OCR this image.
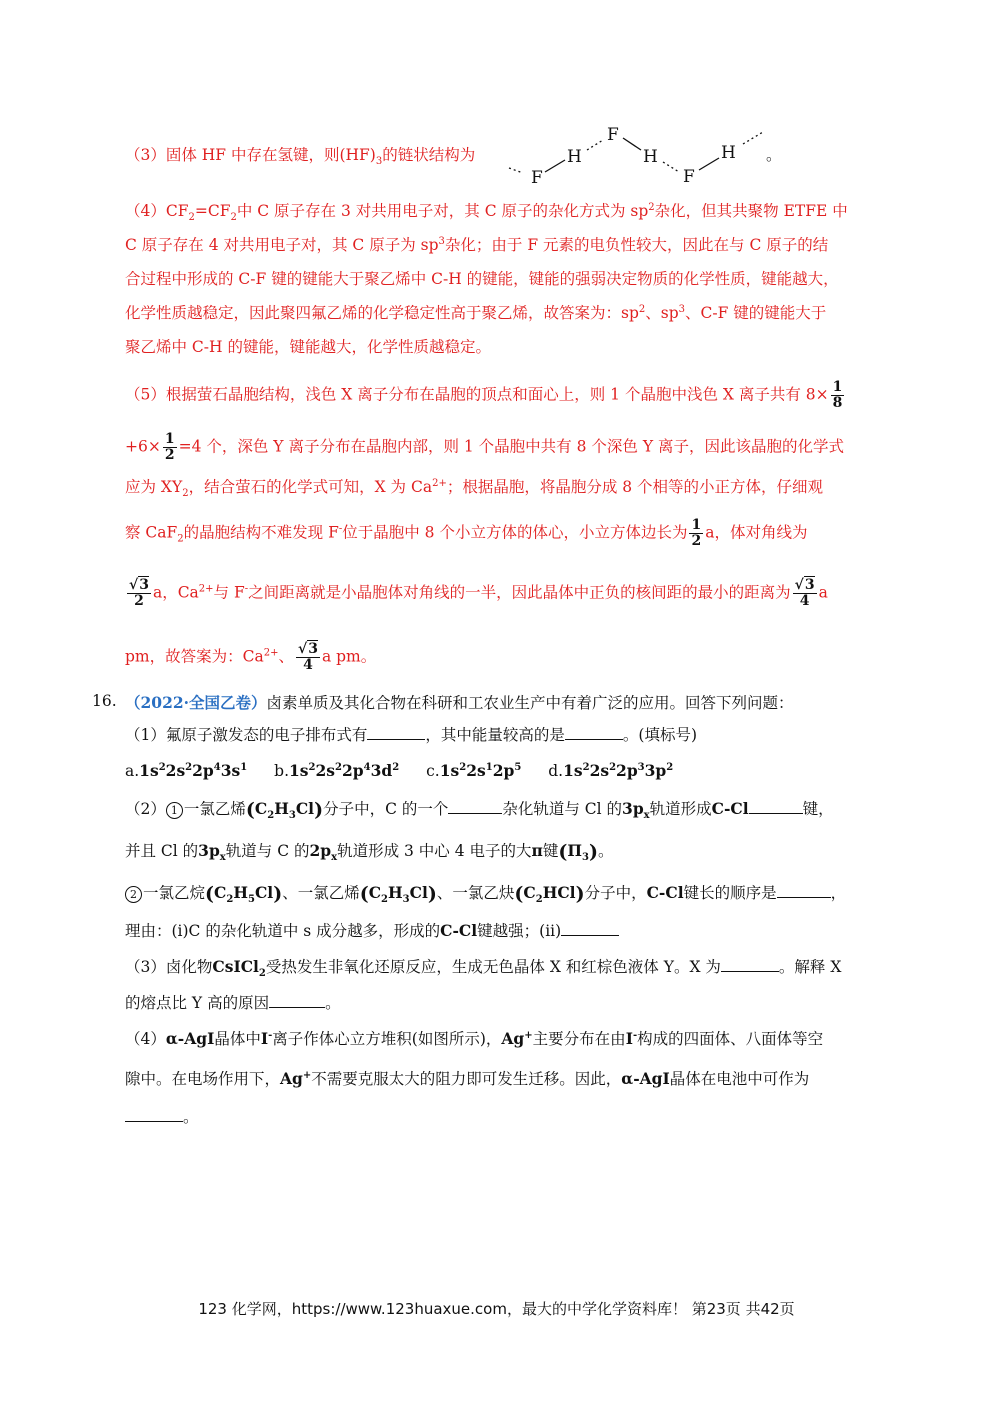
（3）固体 HF 中存在氢键，则$(HF)_3$的链状结构为
F
H
F
H
F
H 。
$(4)CF_2=CF_2$中 C 原子存在 3 对共用电子对，其 C 原子的杂化方式为 $sp^2$杂化，但其共聚物 ETFE 中
C 原子存在 4 对共用电子对，其 C 原子为 $sp^3$杂化；由于 F 元素的电负性较大，因此在与 C 原子的结
合过程中形成的 C-F 键的键能大于聚乙烯中 C-H 的键能，键能的强弱决定物质的化学性质，键能越大，
化学性质越稳定，因此聚四氟乙烯的化学稳定性高于聚乙烯，故答案为：$sp^2$、$sp^3$、C-F 键的键能大于
聚乙烯中 C-H 的键能，键能越大，化学性质越稳定。
（5）根据萤石晶胞结构，浅色 X 离子分布在晶胞的顶点和面心上，则 1 个晶胞中浅色 X 离子共有 $8\times \frac{1}{8}$
$+6\times \frac{1}{2} =4$ 个，深色 Y 离子分布在晶胞内部，则 1 个晶胞中共有 8 个深色 Y 离子，因此该晶胞的化学式
应为 $XY_2$，结合萤石的化学式可知，X 为 $Ca^{2+}$；根据晶胞，将晶胞分成 8 个相等的小正方体，仔细观
察 CaF$_2$的晶胞结构不难发现 F-位于晶胞中 8 个小立方体的体心，小立方体边长为 $\frac{1}{2}$ a，体对角线为
$\frac{√3}{2}$ a，$Ca^{2+}$与 F-之间距离就是小晶胞体对角线的一半，因此晶体中正负的核间距的最小的距离为 $\frac{√3}{4}$ a
pm，故答案为：$Ca^{2+}$、 $\frac{√3}{4}$ a pm。
16. （2022·全国乙卷）卤素单质及其化合物在科研和工农业生产中有着广泛的应用。回答下列问题：
（1）氟原子激发态的电子排布式有	，其中能量较高的是	。(填标号)
$a.1s^22s^22p^43s^1$ $b.1s^22s^22p^43d^2$ $c.1s^22s^12p^5$ $d.1s^22s^22p^33p^2$
（2） 1 一氯乙烯$(C_2H_3Cl)$分子中，C 的一个	杂化轨道与 Cl 的$3p_x$轨道形成C-Cl	键，
并且 Cl 的$3p_x$轨道与 C 的$2p_x$轨道形成 3 中心 4 电子的大π键$(\Pi_3)$。
2 一氯乙烷$(C_2H_5Cl)$、一氯乙烯$(C_2H_3Cl)$、一氯乙炔$(C_2HCl)$分子中，C-Cl键长的顺序是	，
理由：(i)C 的杂化轨道中 s 成分越多，形成的C-Cl键越强；(ii)
（3）卤化物CsICl$_2$受热发生非氧化还原反应，生成无色晶体 X 和红棕色液体 Y。X 为	。解释 X
的熔点比 Y 高的原因	。
（4）α-AgI晶体中I-离子作体心立方堆积(如图所示)，Ag+主要分布在由I-构成的四面体、八面体等空
隙中。在电场作用下，Ag+不需要克服太大的阻力即可发生迁移。因此，α-AgI晶体在电池中可作为
。
123 化学网，https://www.123huaxue.com，最大的中学化学资料库！ 第23页 共42页
